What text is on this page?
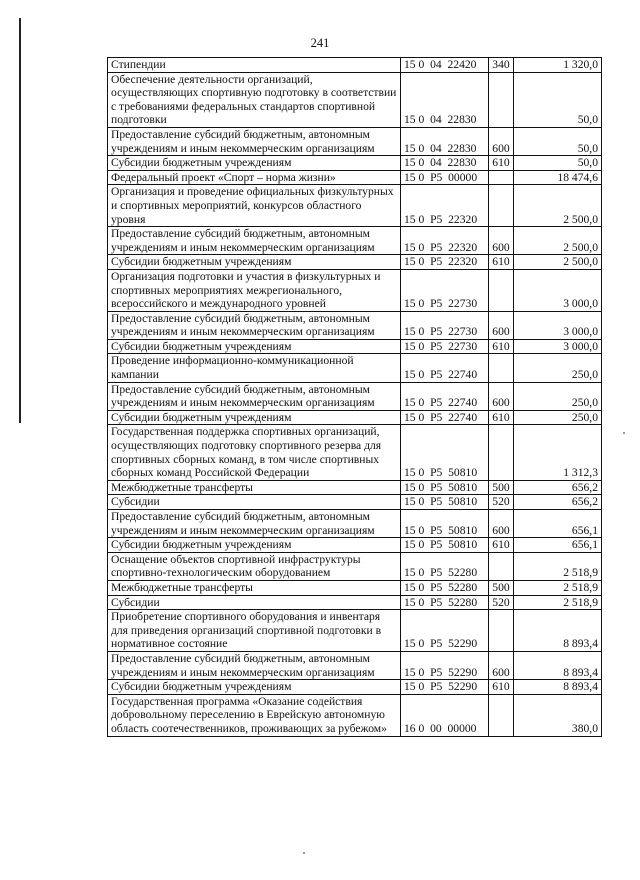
241
Стипендии	15 0  04  22420	340	1 320,0
Обеспечение деятельности организаций, осуществляющих спортивную подготовку в соответствии с требованиями федеральных стандартов спортивной подготовки	15 0  04  22830		50,0
Предоставление субсидий бюджетным, автономным учреждениям и иным некоммерческим организациям	15 0  04  22830	600	50,0
Субсидии бюджетным учреждениям	15 0  04  22830	610	50,0
Федеральный проект «Спорт – норма жизни»	15 0  P5  00000		18 474,6
Организация и проведение официальных физкультурных и спортивных мероприятий, конкурсов областного уровня	15 0  P5  22320		2 500,0
Предоставление субсидий бюджетным, автономным учреждениям и иным некоммерческим организациям	15 0  P5  22320	600	2 500,0
Субсидии бюджетным учреждениям	15 0  P5  22320	610	2 500,0
Организация подготовки и участия в физкультурных и спортивных мероприятиях межрегионального, всероссийского и международного уровней	15 0  P5  22730		3 000,0
Предоставление субсидий бюджетным, автономным учреждениям и иным некоммерческим организациям	15 0  P5  22730	600	3 000,0
Субсидии бюджетным учреждениям	15 0  P5  22730	610	3 000,0
Проведение информационно-коммуникационной кампании	15 0  P5  22740		250,0
Предоставление субсидий бюджетным, автономным учреждениям и иным некоммерческим организациям	15 0  P5  22740	600	250,0
Субсидии бюджетным учреждениям	15 0  P5  22740	610	250,0
Государственная поддержка спортивных организаций, осуществляющих подготовку спортивного резерва для спортивных сборных команд, в том числе спортивных сборных команд Российской Федерации	15 0  P5  50810		1 312,3
Межбюджетные трансферты	15 0  P5  50810	500	656,2
Субсидии	15 0  P5  50810	520	656,2
Предоставление субсидий бюджетным, автономным учреждениям и иным некоммерческим организациям	15 0  P5  50810	600	656,1
Субсидии бюджетным учреждениям	15 0  P5  50810	610	656,1
Оснащение объектов спортивной инфраструктуры спортивно-технологическим оборудованием	15 0  P5  52280		2 518,9
Межбюджетные трансферты	15 0  P5  52280	500	2 518,9
Субсидии	15 0  P5  52280	520	2 518,9
Приобретение спортивного оборудования и инвентаря для приведения организаций спортивной подготовки в нормативное состояние	15 0  P5  52290		8 893,4
Предоставление субсидий бюджетным, автономным учреждениям и иным некоммерческим организациям	15 0  P5  52290	600	8 893,4
Субсидии бюджетным учреждениям	15 0  P5  52290	610	8 893,4
Государственная программа «Оказание содействия добровольному переселению в Еврейскую автономную область соотечественников, проживающих за рубежом»	16 0  00  00000		380,0
